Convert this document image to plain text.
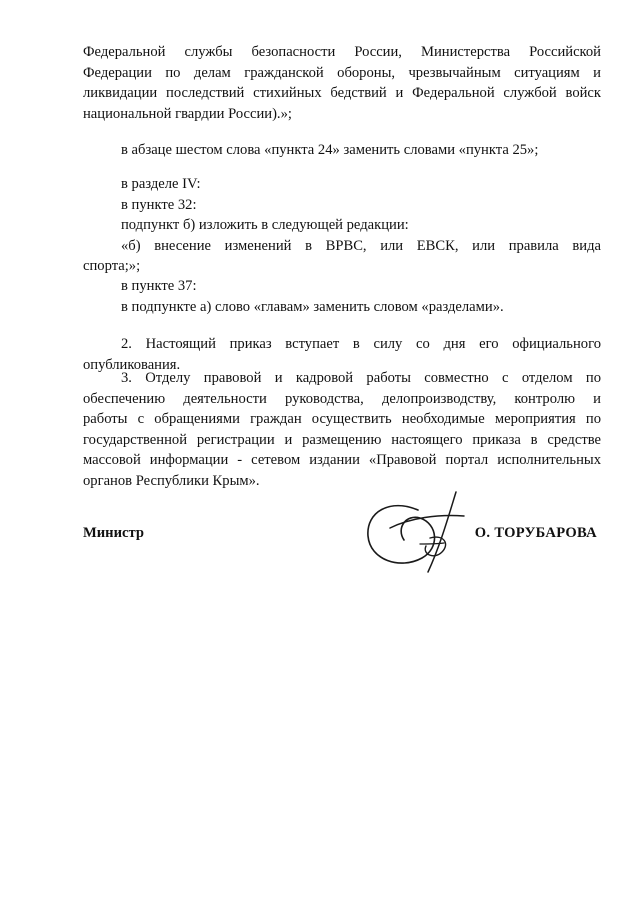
Федеральной службы безопасности России, Министерства Российской
Федерации по делам гражданской обороны, чрезвычайным ситуациям и
ликвидации последствий стихийных бедствий и Федеральной службой войск
национальной гвардии России).»;
в абзаце шестом слова «пункта 24» заменить словами «пункта 25»;
в разделе IV:
в пункте 32:
подпункт б) изложить в следующей редакции:
«б) внесение изменений в ВРВС, или ЕВСК, или правила вида
спорта;»;
в пункте 37:
в подпункте а) слово «главам» заменить словом «разделами».
2. Настоящий приказ вступает в силу со дня его официального
опубликования.
3. Отделу правовой и кадровой работы совместно с отделом по
обеспечению деятельности руководства, делопроизводству, контролю и
работы с обращениями граждан осуществить необходимые мероприятия по
государственной регистрации и размещению настоящего приказа в средстве
массовой информации - сетевом издании «Правовой портал исполнительных
органов Республики Крым».
Министр	О. ТОРУБАРОВА
